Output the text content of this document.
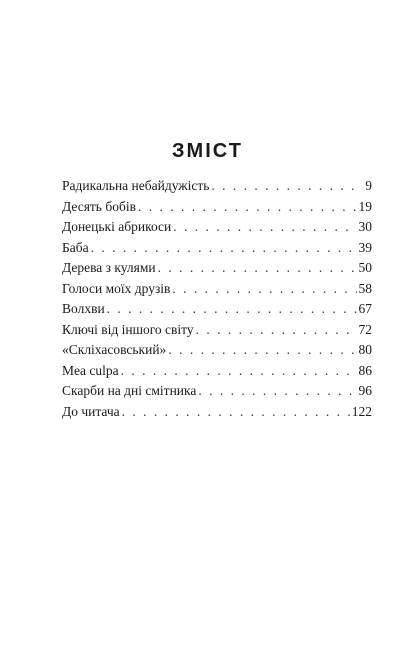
ЗМІСТ
Радикальна небайдужість . . .	9
Десять бобів . . .	19
Донецькі абрикоси . . .	30
Баба . . .	39
Дерева з кулями . . .	50
Голоси моїх друзів . . .	58
Волхви . . .	67
Ключі від іншого світу . . .	72
«Склiхасовський» . . .	80
Mea culpa . . .	86
Скарби на дні смітника . . .	96
До читача . . .	122
